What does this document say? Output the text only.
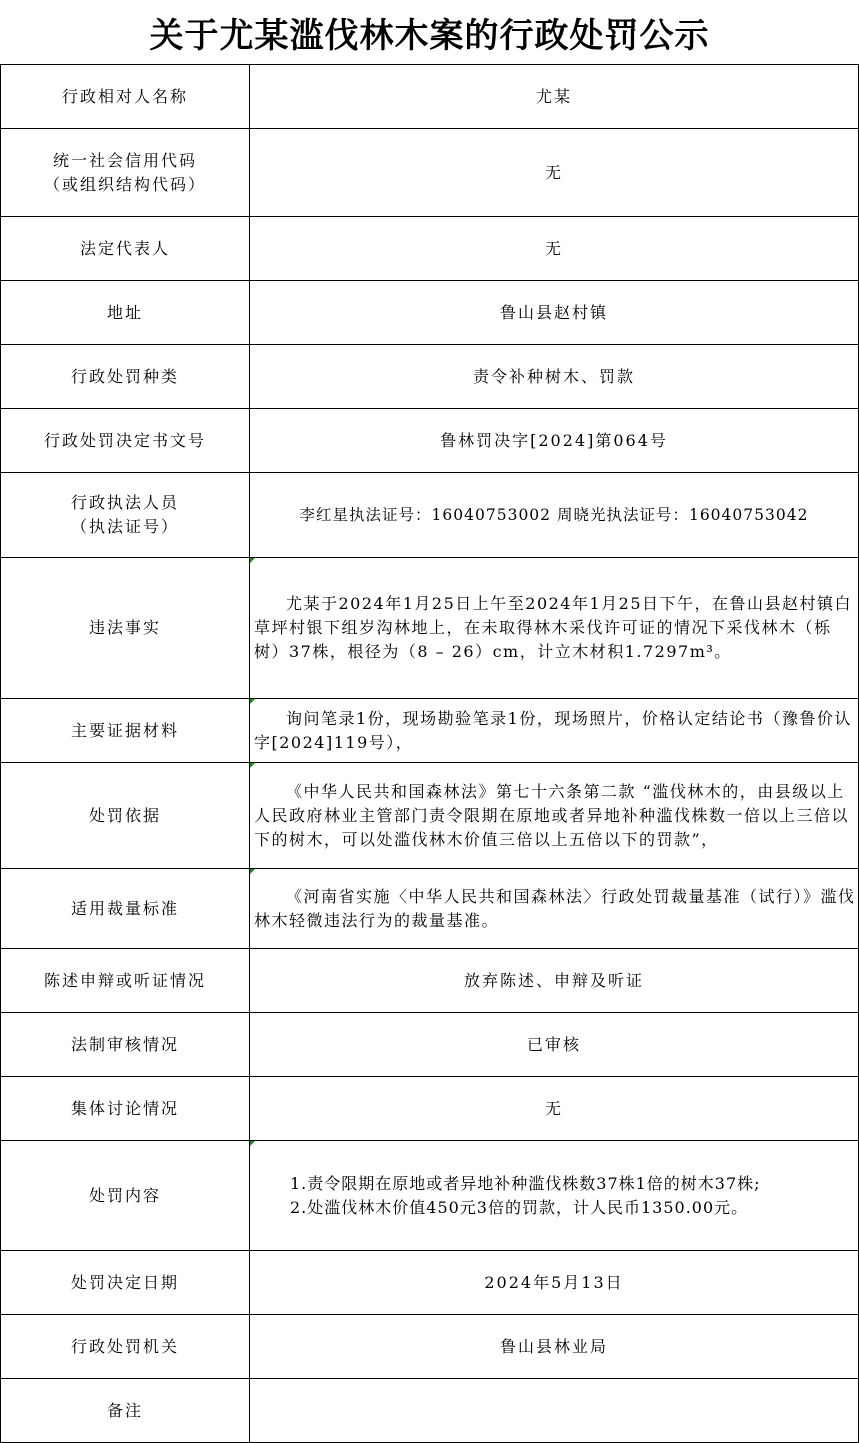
关于尤某滥伐林木案的行政处罚公示
行政相对人名称	尤某

统一社会信用代码
（或组织结构代码）	无
法定代表人	无
地址	鲁山县赵村镇
行政处罚种类	责令补种树木、罚款
行政处罚决定书文号	鲁林罚决字[2024]第064号

行政执法人员
（执法证号）	李红星执法证号：16040753002 周晓光执法证号：16040753042
违法事实	尤某于2024年1月25日上午至2024年1月25日下午，在鲁山县赵村镇白草坪村银下组岁沟林地上，在未取得林木采伐许可证的情况下采伐林木（栎树）37株，根径为（8 – 26）cm，计立木材积1.7297m³。
主要证据材料	询问笔录1份，现场勘验笔录1份，现场照片，价格认定结论书（豫鲁价认字[2024]119号），
处罚依据	《中华人民共和国森林法》第七十六条第二款 “滥伐林木的，由县级以上人民政府林业主管部门责令限期在原地或者异地补种滥伐株数一倍以上三倍以下的树木，可以处滥伐林木价值三倍以上五倍以下的罚款”，
适用裁量标准	《河南省实施〈中华人民共和国森林法〉行政处罚裁量基准（试行）》滥伐林木轻微违法行为的裁量基准。
陈述申辩或听证情况	放弃陈述、申辩及听证
法制审核情况	已审核
集体讨论情况	无
处罚内容	1.责令限期在原地或者异地补种滥伐株数37株1倍的树木37株;
2.处滥伐林木价值450元3倍的罚款，计人民币1350.00元。

处罚决定日期	2024年5月13日
行政处罚机关	鲁山县林业局
备注	
